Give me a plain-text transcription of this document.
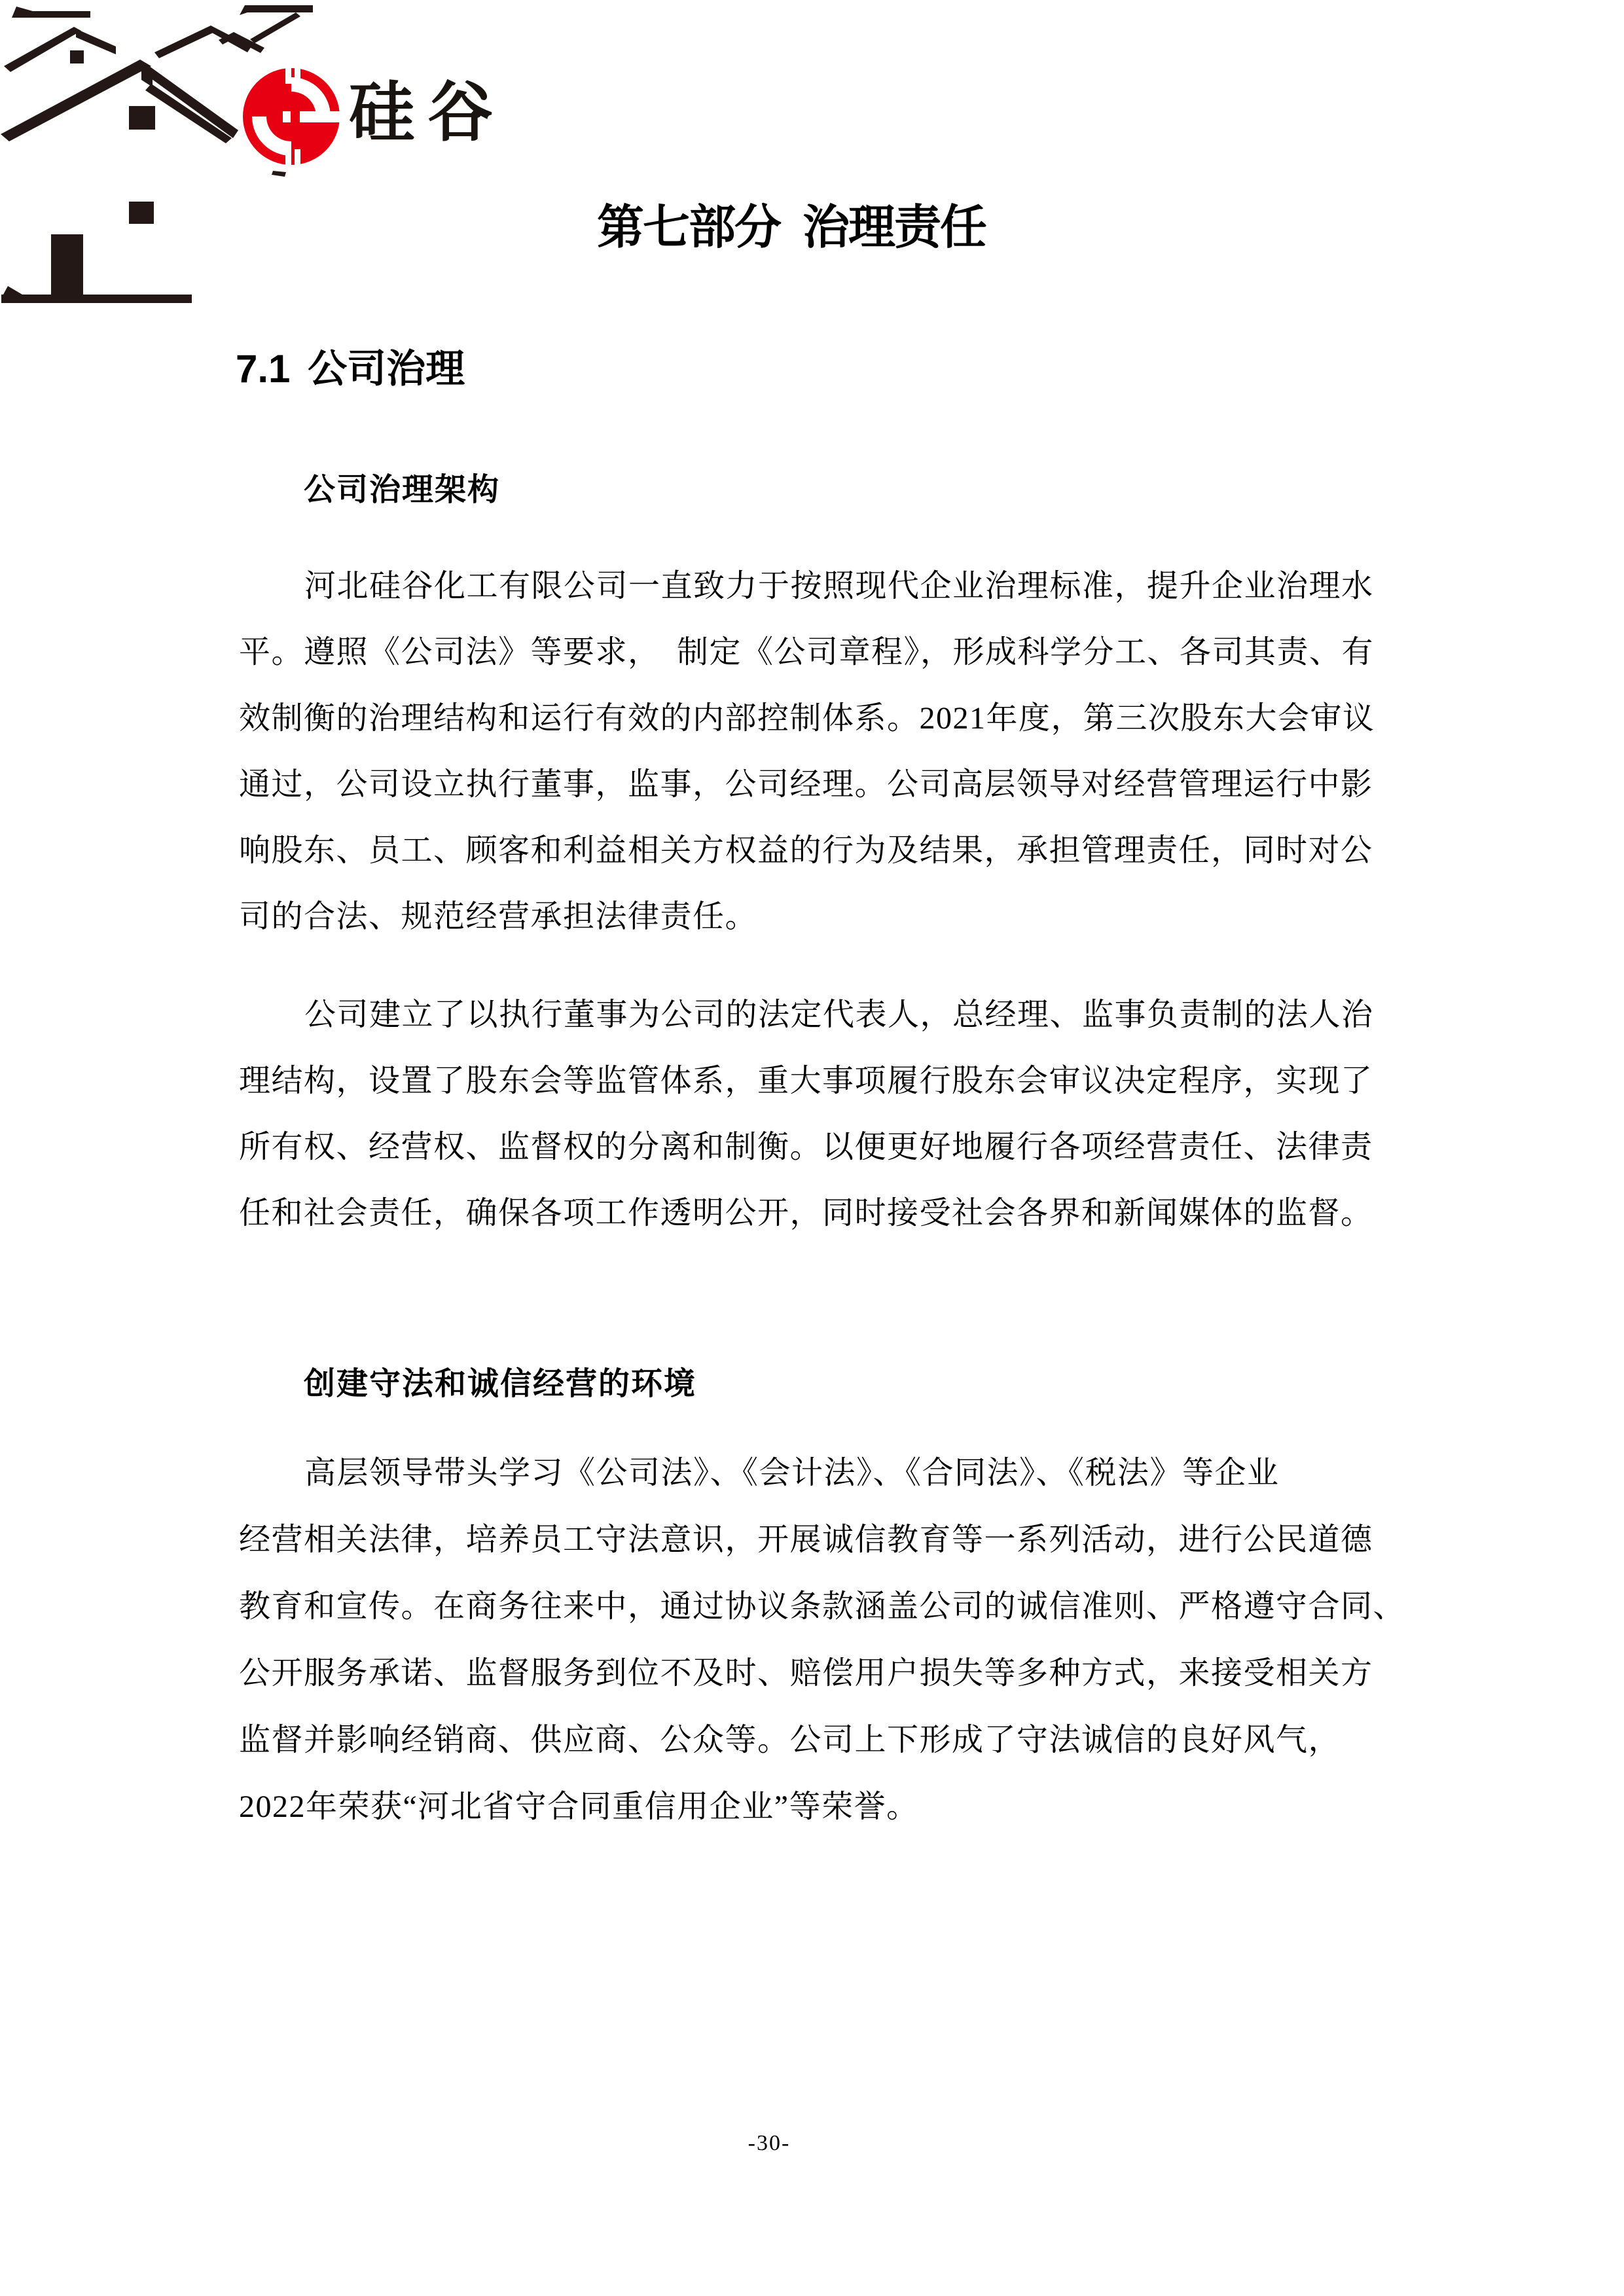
硅谷
第七部分 治理责任
7.1 公司治理
公司治理架构
河北硅谷化工有限公司一直致力于按照现代企业治理标准，提升企业治理水
平。遵照《公司法》等要求，　制定《公司章程》，形成科学分工、各司其责、有
效制衡的治理结构和运行有效的内部控制体系。2021年度，第三次股东大会审议
通过，公司设立执行董事，监事，公司经理。公司高层领导对经营管理运行中影
响股东、员工、顾客和利益相关方权益的行为及结果，承担管理责任，同时对公
司的合法、规范经营承担法律责任。
公司建立了以执行董事为公司的法定代表人，总经理、监事负责制的法人治
理结构，设置了股东会等监管体系，重大事项履行股东会审议决定程序，实现了
所有权、经营权、监督权的分离和制衡。以便更好地履行各项经营责任、法律责
任和社会责任，确保各项工作透明公开，同时接受社会各界和新闻媒体的监督。
创建守法和诚信经营的环境
高层领导带头学习《公司法》、《会计法》、《合同法》、《税法》等企业
经营相关法律，培养员工守法意识，开展诚信教育等一系列活动，进行公民道德
教育和宣传。在商务往来中，通过协议条款涵盖公司的诚信准则、严格遵守合同、
公开服务承诺、监督服务到位不及时、赔偿用户损失等多种方式，来接受相关方
监督并影响经销商、供应商、公众等。公司上下形成了守法诚信的良好风气，
2022年荣获“河北省守合同重信用企业”等荣誉。
-30-
